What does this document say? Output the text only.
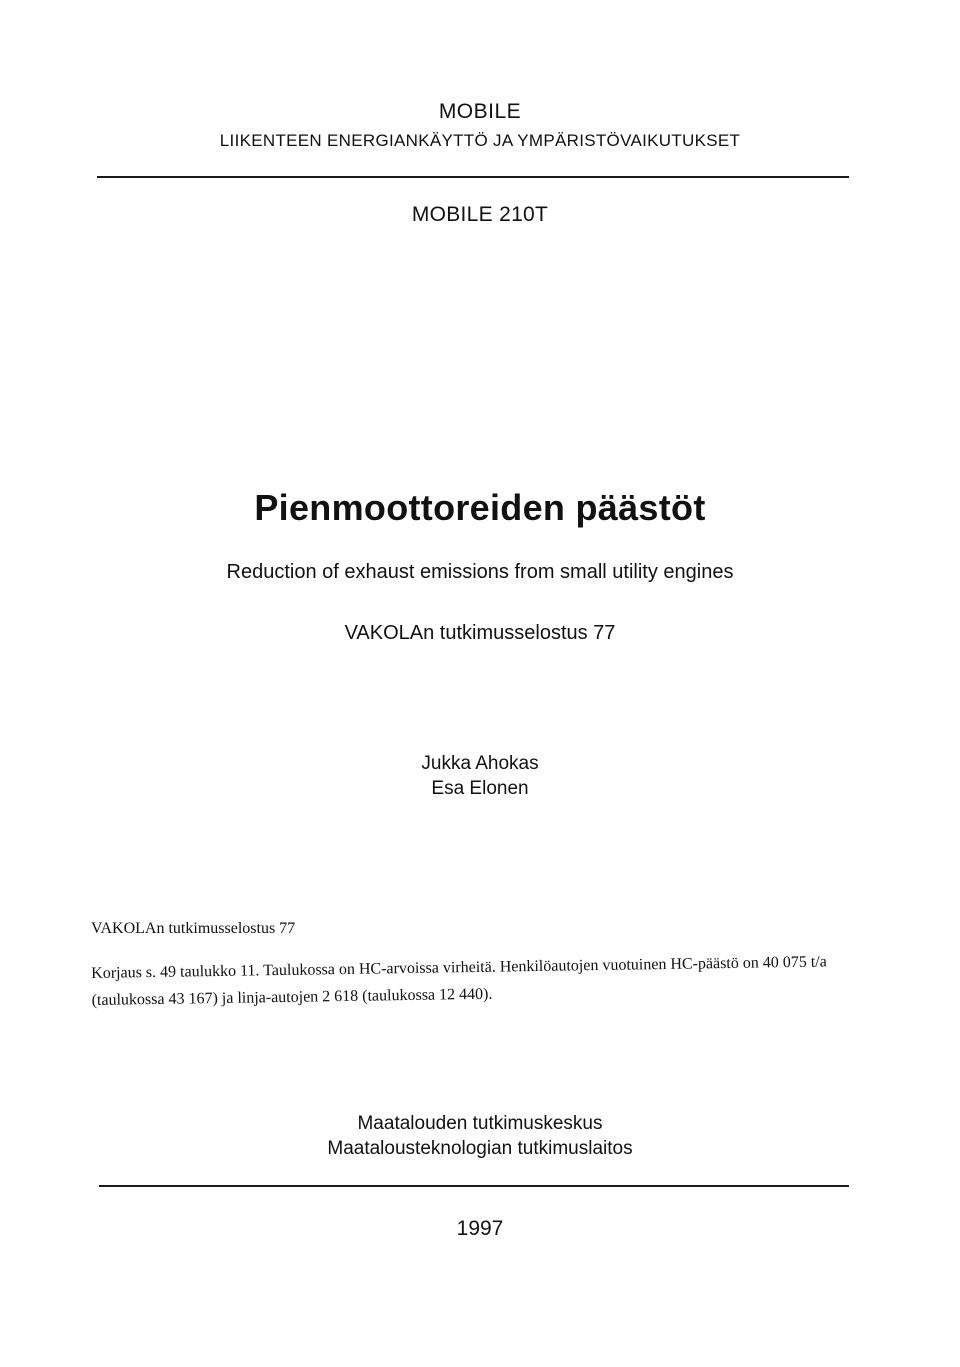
MOBILE
LIIKENTEEN ENERGIANKÄYTTÖ JA YMPÄRISTÖVAIKUTUKSET
MOBILE 210T
Pienmoottoreiden päästöt
Reduction of exhaust emissions from small utility engines
VAKOLAn tutkimusselostus 77
Jukka Ahokas
Esa Elonen
VAKOLAn tutkimusselostus 77
Korjaus s. 49 taulukko 11. Taulukossa on HC-arvoissa virheitä. Henkilöautojen vuotuinen HC-päästö on 40 075 t/a (taulukossa 43 167) ja linja-autojen 2 618 (taulukossa 12 440).
Maatalouden tutkimuskeskus
Maatalousteknologian tutkimuslaitos
1997
